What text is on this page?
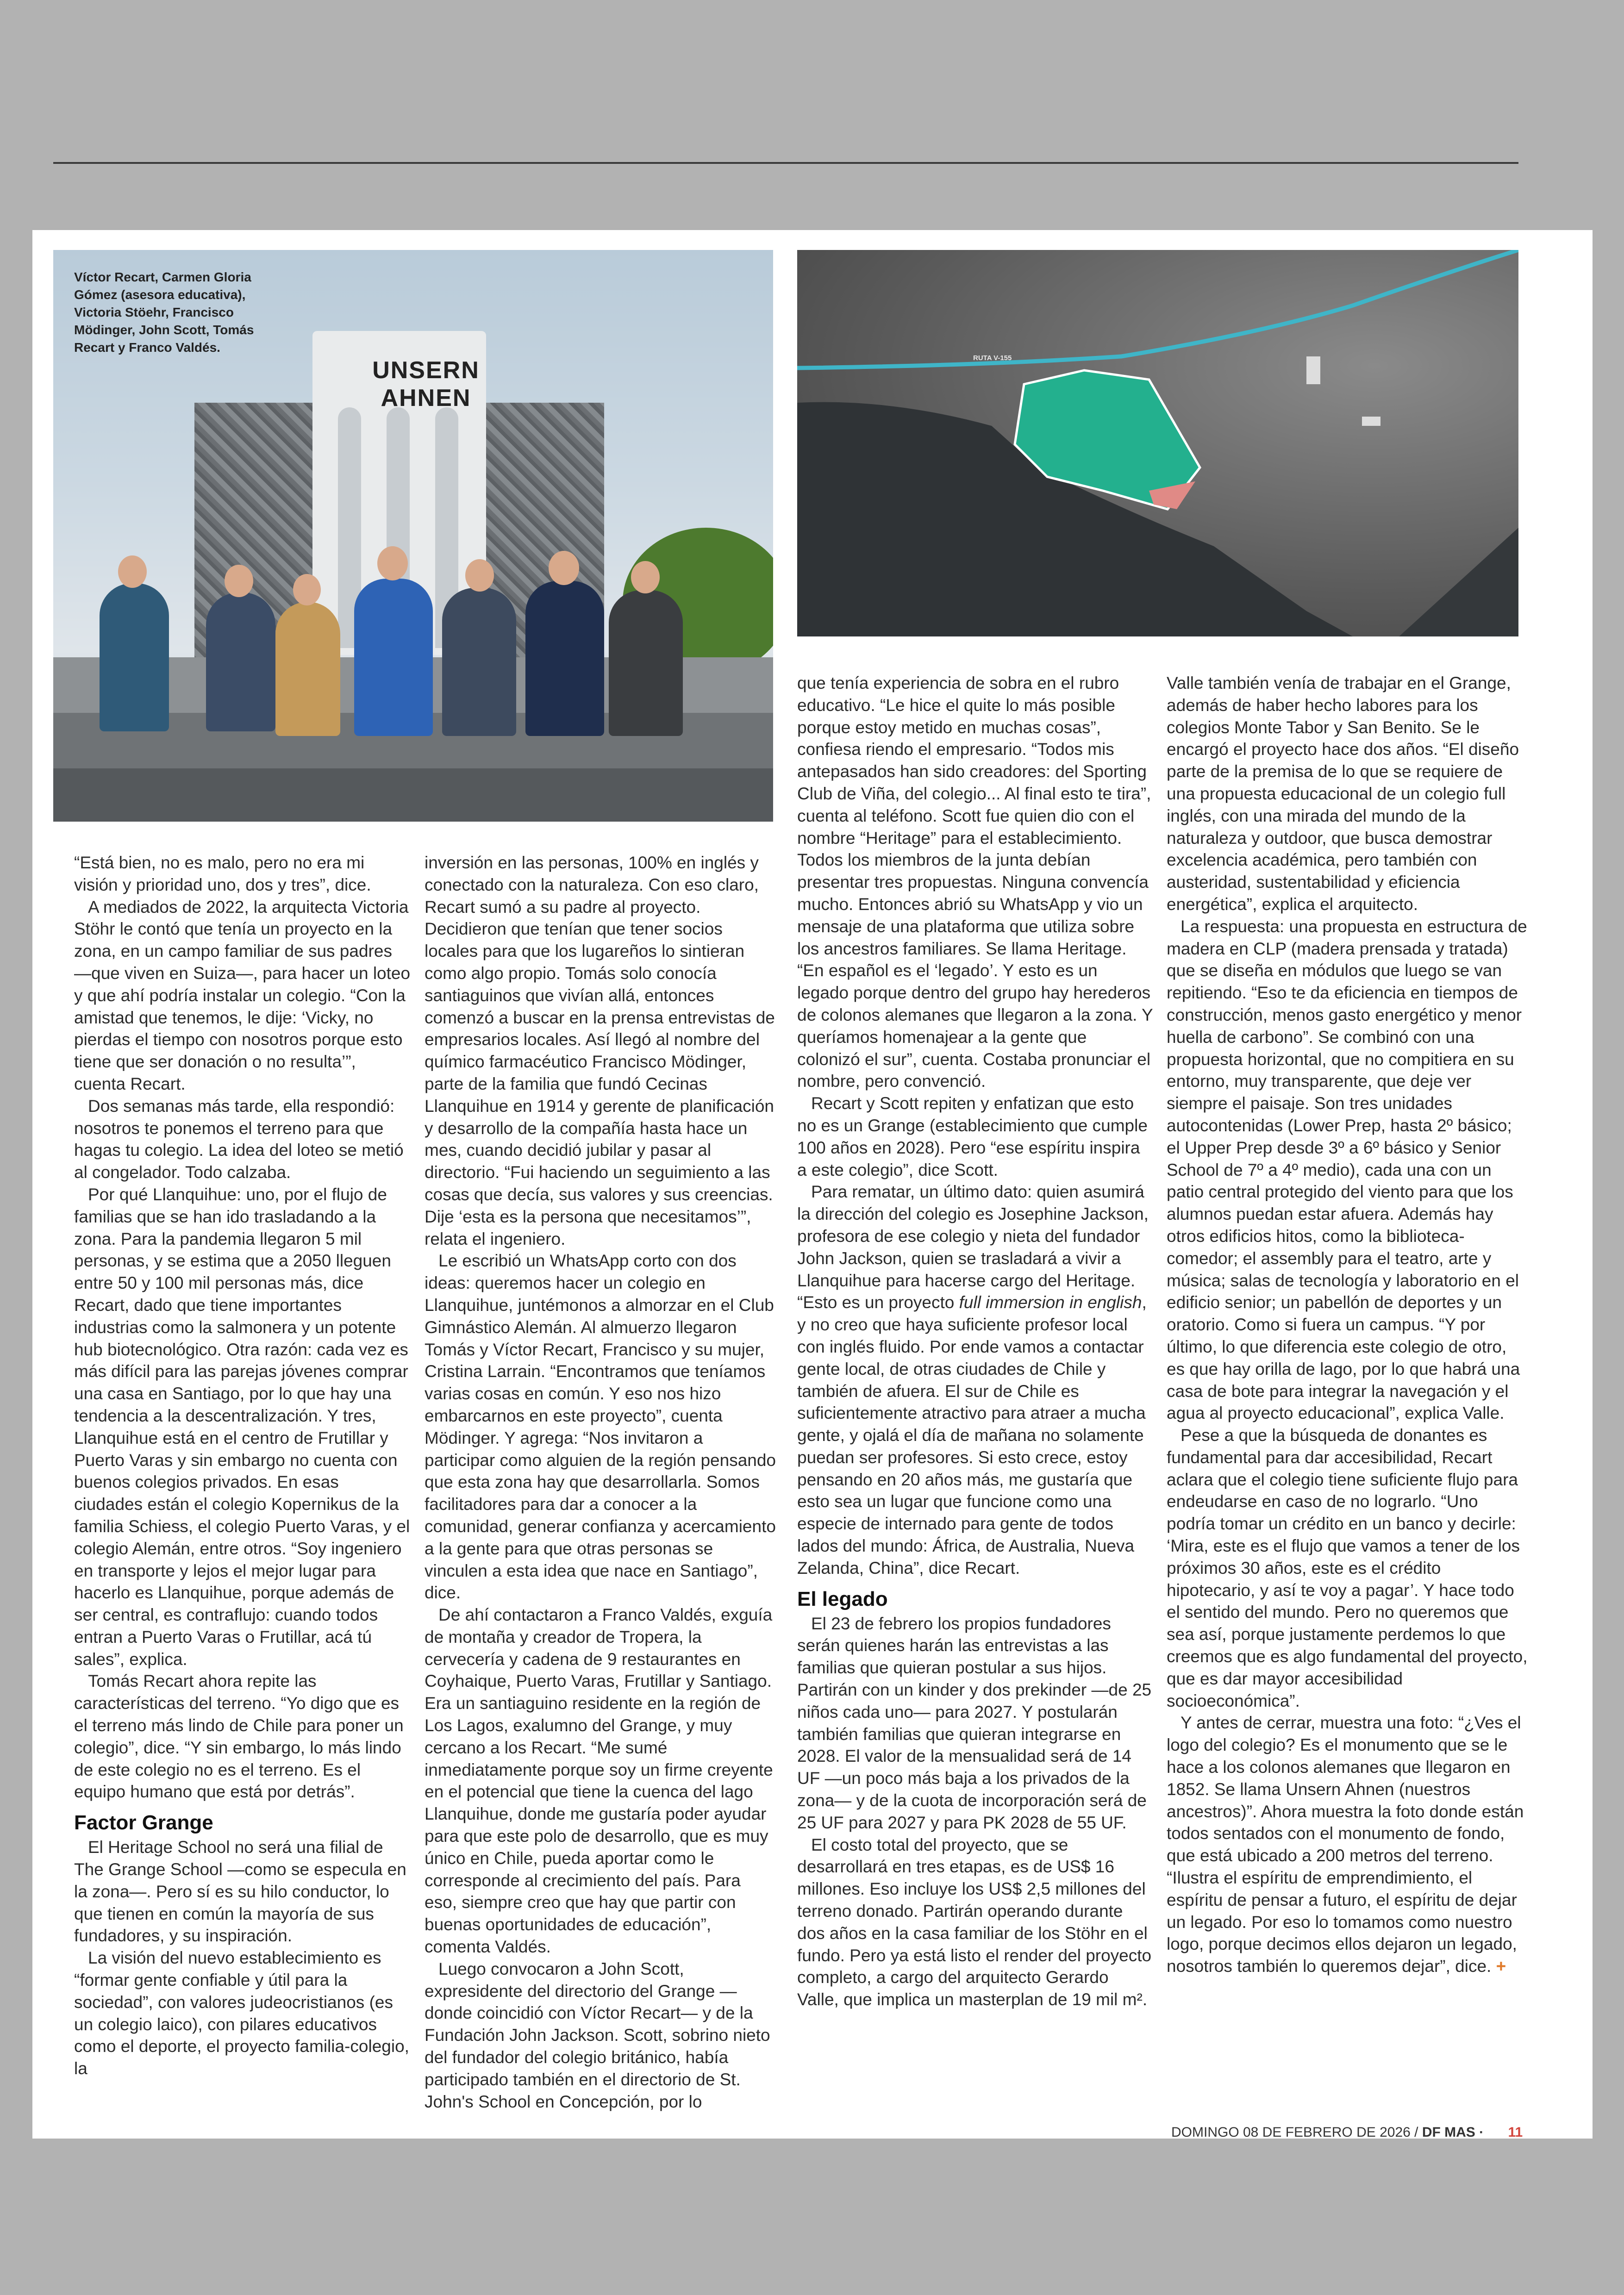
UNSERN AHNEN
Víctor Recart, Carmen Gloria Gómez (asesora educativa), Victoria Stöehr, Francisco Mödinger, John Scott, Tomás Recart y Franco Valdés.
RUTA V-155

“Está bien, no es malo, pero no era mi visión y prioridad uno, dos y tres”, dice.

A mediados de 2022, la arquitecta Victoria Stöhr le contó que tenía un proyecto en la zona, en un campo familiar de sus padres —que viven en Suiza—, para hacer un loteo y que ahí podría instalar un colegio. “Con la amistad que tenemos, le dije: ‘Vicky, no pierdas el tiempo con nosotros porque esto tiene que ser donación o no resulta’”, cuenta Recart.

Dos semanas más tarde, ella respondió: nosotros te ponemos el terreno para que hagas tu colegio. La idea del loteo se metió al congelador. Todo calzaba.

Por qué Llanquihue: uno, por el flujo de familias que se han ido trasladando a la zona. Para la pandemia llegaron 5 mil personas, y se estima que a 2050 lleguen entre 50 y 100 mil personas más, dice Recart, dado que tiene importantes industrias como la salmonera y un potente hub biotecnológico. Otra razón: cada vez es más difícil para las parejas jóvenes comprar una casa en Santiago, por lo que hay una tendencia a la descentralización. Y tres, Llanquihue está en el centro de Frutillar y Puerto Varas y sin embargo no cuenta con buenos colegios privados. En esas ciudades están el colegio Kopernikus de la familia Schiess, el colegio Puerto Varas, y el colegio Alemán, entre otros. “Soy ingeniero en transporte y lejos el mejor lugar para hacerlo es Llanquihue, porque además de ser central, es contraflujo: cuando todos entran a Puerto Varas o Frutillar, acá tú sales”, explica.

Tomás Recart ahora repite las características del terreno. “Yo digo que es el terreno más lindo de Chile para poner un colegio”, dice. “Y sin embargo, lo más lindo de este colegio no es el terreno. Es el equipo humano que está por detrás”.

Factor Grange

El Heritage School no será una filial de The Grange School —como se especula en la zona—. Pero sí es su hilo conductor, lo que tienen en común la mayoría de sus fundadores, y su inspiración.

La visión del nuevo establecimiento es “formar gente confiable y útil para la sociedad”, con valores judeocristianos (es un colegio laico), con pilares educativos como el deporte, el proyecto familia-colegio, la

inversión en las personas, 100% en inglés y conectado con la naturaleza. Con eso claro, Recart sumó a su padre al proyecto. Decidieron que tenían que tener socios locales para que los lugareños lo sintieran como algo propio. Tomás solo conocía santiaguinos que vivían allá, entonces comenzó a buscar en la prensa entrevistas de empresarios locales. Así llegó al nombre del químico farmacéutico Francisco Mödinger, parte de la familia que fundó Cecinas Llanquihue en 1914 y gerente de planificación y desarrollo de la compañía hasta hace un mes, cuando decidió jubilar y pasar al directorio. “Fui haciendo un seguimiento a las cosas que decía, sus valores y sus creencias. Dije ‘esta es la persona que necesitamos’”, relata el ingeniero.

Le escribió un WhatsApp corto con dos ideas: queremos hacer un colegio en Llanquihue, juntémonos a almorzar en el Club Gimnástico Alemán. Al almuerzo llegaron Tomás y Víctor Recart, Francisco y su mujer, Cristina Larrain. “Encontramos que teníamos varias cosas en común. Y eso nos hizo embarcarnos en este proyecto”, cuenta Mödinger. Y agrega: “Nos invitaron a participar como alguien de la región pensando que esta zona hay que desarrollarla. Somos facilitadores para dar a conocer a la comunidad, generar confianza y acercamiento a la gente para que otras personas se vinculen a esta idea que nace en Santiago”, dice.

De ahí contactaron a Franco Valdés, exguía de montaña y creador de Tropera, la cervecería y cadena de 9 restaurantes en Coyhaique, Puerto Varas, Frutillar y Santiago. Era un santiaguino residente en la región de Los Lagos, exalumno del Grange, y muy cercano a los Recart. “Me sumé inmediatamente porque soy un firme creyente en el potencial que tiene la cuenca del lago Llanquihue, donde me gustaría poder ayudar para que este polo de desarrollo, que es muy único en Chile, pueda aportar como le corresponde al crecimiento del país. Para eso, siempre creo que hay que partir con buenas oportunidades de educación”, comenta Valdés.

Luego convocaron a John Scott, expresidente del directorio del Grange —donde coincidió con Víctor Recart— y de la Fundación John Jackson. Scott, sobrino nieto del fundador del colegio británico, había participado también en el directorio de St. John's School en Concepción, por lo

que tenía experiencia de sobra en el rubro educativo. “Le hice el quite lo más posible porque estoy metido en muchas cosas”, confiesa riendo el empresario. “Todos mis antepasados han sido creadores: del Sporting Club de Viña, del colegio... Al final esto te tira”, cuenta al teléfono. Scott fue quien dio con el nombre “Heritage” para el establecimiento. Todos los miembros de la junta debían presentar tres propuestas. Ninguna convencía mucho. Entonces abrió su WhatsApp y vio un mensaje de una plataforma que utiliza sobre los ancestros familiares. Se llama Heritage. “En español es el ‘legado’. Y esto es un legado porque dentro del grupo hay herederos de colonos alemanes que llegaron a la zona. Y queríamos homenajear a la gente que colonizó el sur”, cuenta. Costaba pronunciar el nombre, pero convenció.

Recart y Scott repiten y enfatizan que esto no es un Grange (establecimiento que cumple 100 años en 2028). Pero “ese espíritu inspira a este colegio”, dice Scott.

Para rematar, un último dato: quien asumirá la dirección del colegio es Josephine Jackson, profesora de ese colegio y nieta del fundador John Jackson, quien se trasladará a vivir a Llanquihue para hacerse cargo del Heritage. “Esto es un proyecto full immersion in english, y no creo que haya suficiente profesor local con inglés fluido. Por ende vamos a contactar gente local, de otras ciudades de Chile y también de afuera. El sur de Chile es suficientemente atractivo para atraer a mucha gente, y ojalá el día de mañana no solamente puedan ser profesores. Si esto crece, estoy pensando en 20 años más, me gustaría que esto sea un lugar que funcione como una especie de internado para gente de todos lados del mundo: África, de Australia, Nueva Zelanda, China”, dice Recart.

El legado

El 23 de febrero los propios fundadores serán quienes harán las entrevistas a las familias que quieran postular a sus hijos. Partirán con un kinder y dos prekinder —de 25 niños cada uno— para 2027. Y postularán también familias que quieran integrarse en 2028. El valor de la mensualidad será de 14 UF —un poco más baja a los privados de la zona— y de la cuota de incorporación será de 25 UF para 2027 y para PK 2028 de 55 UF.

El costo total del proyecto, que se desarrollará en tres etapas, es de US$ 16 millones. Eso incluye los US$ 2,5 millones del terreno donado. Partirán operando durante dos años en la casa familiar de los Stöhr en el fundo. Pero ya está listo el render del proyecto completo, a cargo del arquitecto Gerardo Valle, que implica un masterplan de 19 mil m².

Valle también venía de trabajar en el Grange, además de haber hecho labores para los colegios Monte Tabor y San Benito. Se le encargó el proyecto hace dos años. “El diseño parte de la premisa de lo que se requiere de una propuesta educacional de un colegio full inglés, con una mirada del mundo de la naturaleza y outdoor, que busca demostrar excelencia académica, pero también con austeridad, sustentabilidad y eficiencia energética”, explica el arquitecto.

La respuesta: una propuesta en estructura de madera en CLP (madera prensada y tratada) que se diseña en módulos que luego se van repitiendo. “Eso te da eficiencia en tiempos de construcción, menos gasto energético y menor huella de carbono”. Se combinó con una propuesta horizontal, que no compitiera en su entorno, muy transparente, que deje ver siempre el paisaje. Son tres unidades autocontenidas (Lower Prep, hasta 2º básico; el Upper Prep desde 3º a 6º básico y Senior School de 7º a 4º medio), cada una con un patio central protegido del viento para que los alumnos puedan estar afuera. Además hay otros edificios hitos, como la biblioteca-comedor; el assembly para el teatro, arte y música; salas de tecnología y laboratorio en el edificio senior; un pabellón de deportes y un oratorio. Como si fuera un campus. “Y por último, lo que diferencia este colegio de otro, es que hay orilla de lago, por lo que habrá una casa de bote para integrar la navegación y el agua al proyecto educacional”, explica Valle.

Pese a que la búsqueda de donantes es fundamental para dar accesibilidad, Recart aclara que el colegio tiene suficiente flujo para endeudarse en caso de no lograrlo. “Uno podría tomar un crédito en un banco y decirle: ‘Mira, este es el flujo que vamos a tener de los próximos 30 años, este es el crédito hipotecario, y así te voy a pagar’. Y hace todo el sentido del mundo. Pero no queremos que sea así, porque justamente perdemos lo que creemos que es algo fundamental del proyecto, que es dar mayor accesibilidad socioeconómica”.

Y antes de cerrar, muestra una foto: “¿Ves el logo del colegio? Es el monumento que se le hace a los colonos alemanes que llegaron en 1852. Se llama Unsern Ahnen (nuestros ancestros)”. Ahora muestra la foto donde están todos sentados con el monumento de fondo, que está ubicado a 200 metros del terreno. “Ilustra el espíritu de emprendimiento, el espíritu de pensar a futuro, el espíritu de dejar un legado. Por eso lo tomamos como nuestro logo, porque decimos ellos dejaron un legado, nosotros también lo queremos dejar”, dice. +

DOMINGO 08 DE FEBRERO DE 2026 / DF MAS · 11
